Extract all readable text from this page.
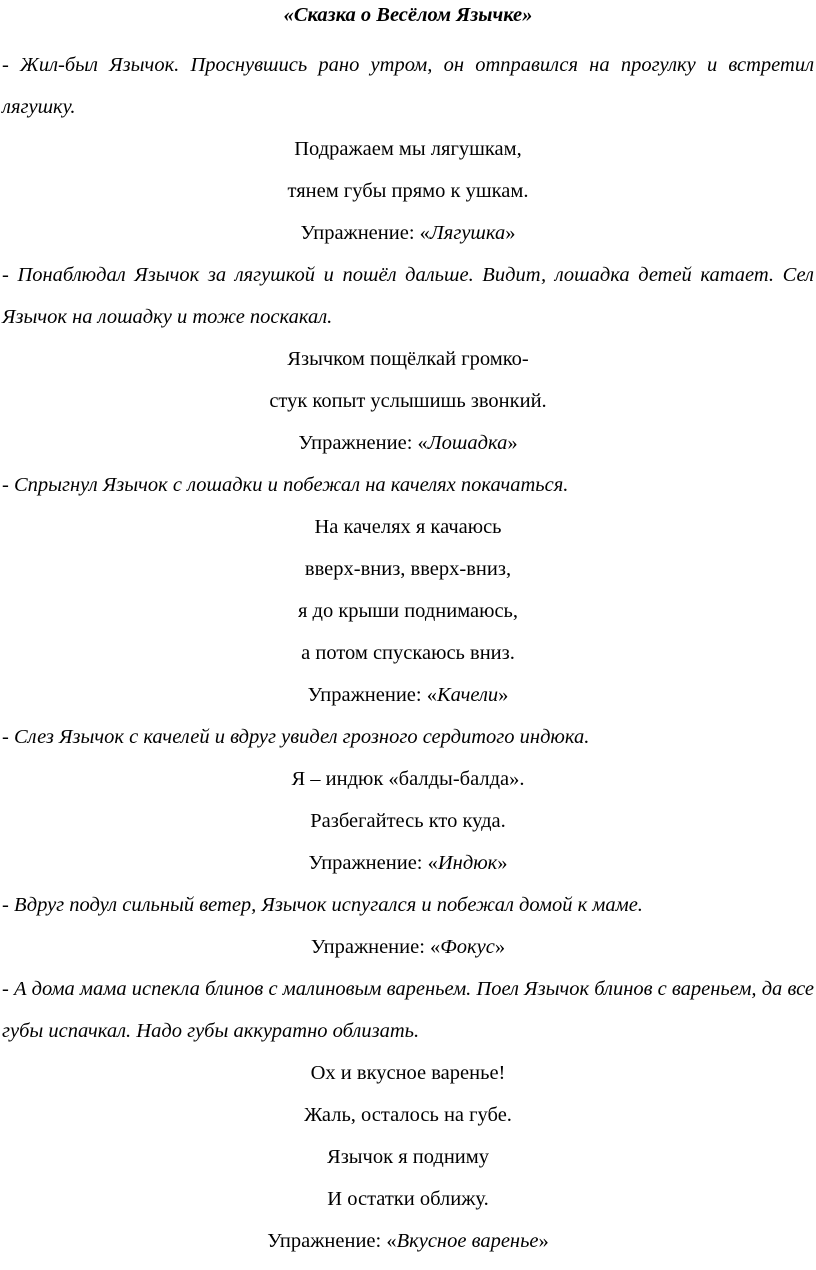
«Сказка о Весёлом Язычке»

- Жил-был Язычок. Проснувшись рано утром, он отправился на прогулку и встретил лягушку.

Подражаем мы лягушкам,

тянем губы прямо к ушкам.

Упражнение: «Лягушка»

- Понаблюдал Язычок за лягушкой и пошёл дальше. Видит, лошадка детей катает. Сел Язычок на лошадку и тоже поскакал.

Язычком пощёлкай громко-

стук копыт услышишь звонкий.

Упражнение: «Лошадка»

- Спрыгнул Язычок с лошадки и побежал на качелях покачаться.

На качелях я качаюсь

вверх-вниз, вверх-вниз,

я до крыши поднимаюсь,

а потом спускаюсь вниз.

Упражнение: «Качели»

- Слез Язычок с качелей и вдруг увидел грозного сердитого индюка.

Я – индюк «балды-балда».

Разбегайтесь кто куда.

Упражнение: «Индюк»

- Вдруг подул сильный ветер, Язычок испугался и побежал домой к маме.

Упражнение: «Фокус»

- А дома мама испекла блинов с малиновым вареньем. Поел Язычок блинов с вареньем, да все губы испачкал. Надо губы аккуратно облизать.

Ох и вкусное варенье!

Жаль, осталось на губе.

Язычок я подниму

И остатки оближу.

Упражнение: «Вкусное варенье»
